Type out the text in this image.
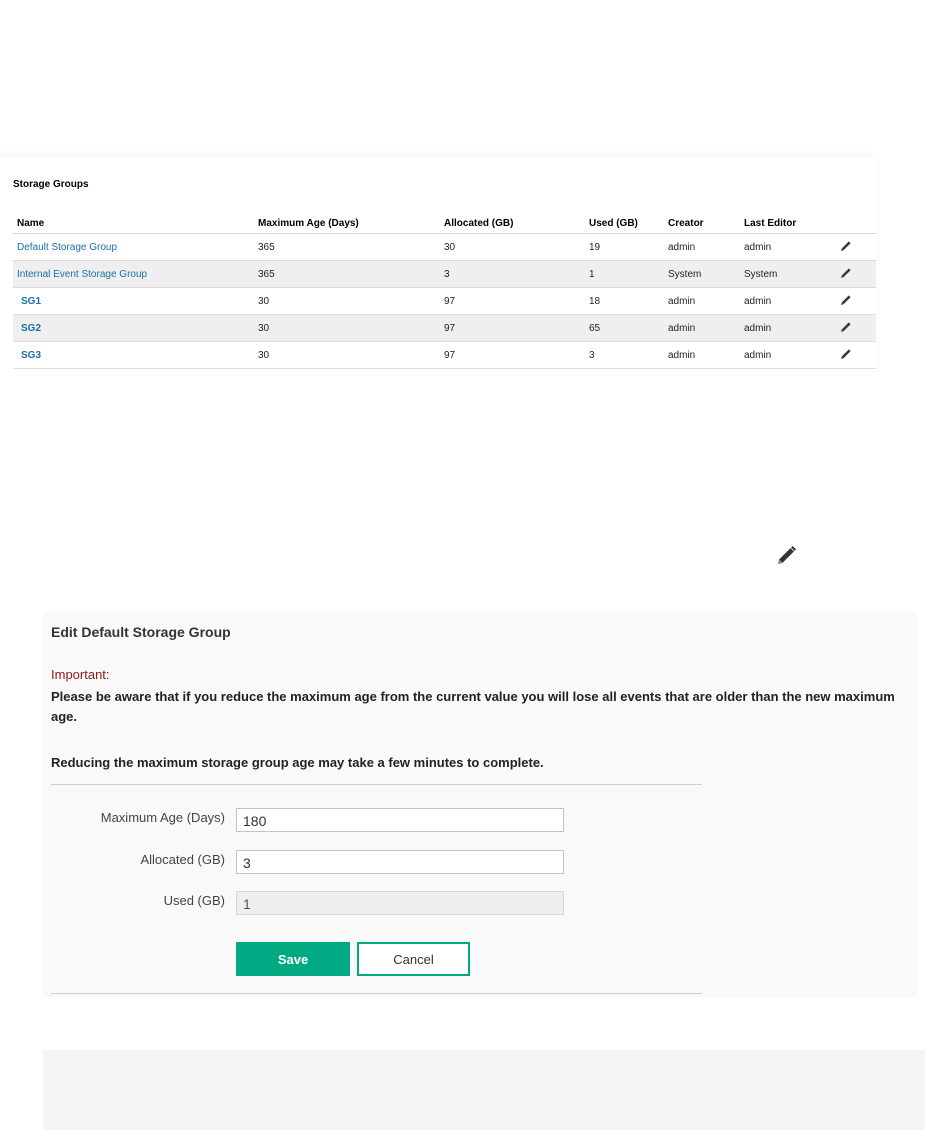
Storage Groups
Name	Maximum Age (Days)	Allocated (GB)	Used (GB)	Creator	Last Editor	
Default Storage Group	365	30	19	admin	admin	
Internal Event Storage Group	365	3	1	System	System	
SG1	30	97	18	admin	admin	
SG2	30	97	65	admin	admin	
SG3	30	97	3	admin	admin	
Edit Default Storage Group
Important:
Please be aware that if you reduce the maximum age from the current value you will lose all events that are older than the new maximum age.
Reducing the maximum storage group age may take a few minutes to complete.
Maximum Age (Days)
180
Allocated (GB)
3
Used (GB)
1
Save	Cancel
